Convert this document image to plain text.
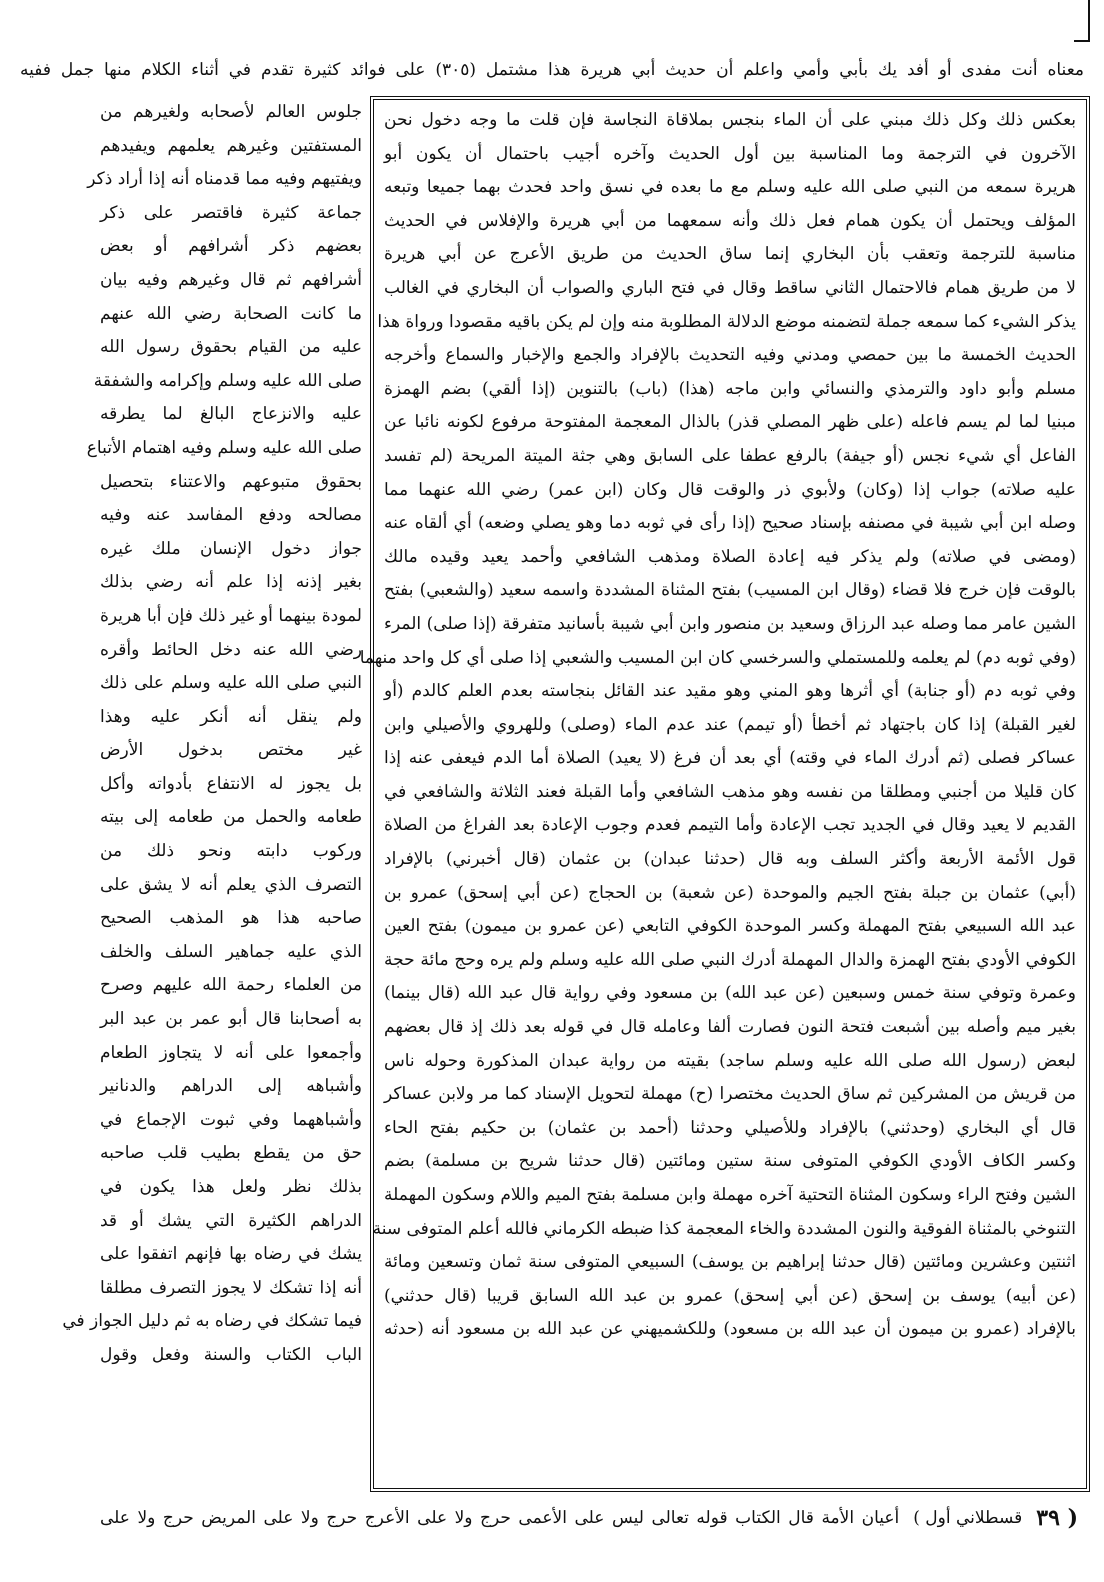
معناه أنت مفدى أو أفد يك بأبي وأمي واعلم أن حديث أبي هريرة هذا مشتمل (٣٠٥) على فوائد كثيرة تقدم في أثناء الكلام منها جمل ففيه
بعكس ذلك وكل ذلك مبني على أن الماء بنجس بملاقاة النجاسة فإن قلت ما وجه دخول نحن
الآخرون في الترجمة وما المناسبة بين أول الحديث وآخره أجيب باحتمال أن يكون أبو
هريرة سمعه من النبي صلى الله عليه وسلم مع ما بعده في نسق واحد فحدث بهما جميعا وتبعه
المؤلف ويحتمل أن يكون همام فعل ذلك وأنه سمعهما من أبي هريرة والإفلاس في الحديث
مناسبة للترجمة وتعقب بأن البخاري إنما ساق الحديث من طريق الأعرج عن أبي هريرة
لا من طريق همام فالاحتمال الثاني ساقط وقال في فتح الباري والصواب أن البخاري في الغالب
يذكر الشيء كما سمعه جملة لتضمنه موضع الدلالة المطلوبة منه وإن لم يكن باقيه مقصودا ورواة هذا
الحديث الخمسة ما بين حمصي ومدني وفيه التحديث بالإفراد والجمع والإخبار والسماع وأخرجه
مسلم وأبو داود والترمذي والنسائي وابن ماجه (هذا) (باب) بالتنوين (إذا ألقي) بضم الهمزة
مبنيا لما لم يسم فاعله (على ظهر المصلي قذر) بالذال المعجمة المفتوحة مرفوع لكونه نائبا عن
الفاعل أي شيء نجس (أو جيفة) بالرفع عطفا على السابق وهي جثة الميتة المريحة (لم تفسد
عليه صلاته) جواب إذا (وكان) ولأبوي ذر والوقت قال وكان (ابن عمر) رضي الله عنهما مما
وصله ابن أبي شيبة في مصنفه بإسناد صحيح (إذا رأى في ثوبه دما وهو يصلي وضعه) أي ألقاه عنه
(ومضى في صلاته) ولم يذكر فيه إعادة الصلاة ومذهب الشافعي وأحمد يعيد وقيده مالك
بالوقت فإن خرج فلا قضاء (وقال ابن المسيب) بفتح المثناة المشددة واسمه سعيد (والشعبي) بفتح
الشين عامر مما وصله عبد الرزاق وسعيد بن منصور وابن أبي شيبة بأسانيد متفرقة (إذا صلى) المرء
(وفي ثوبه دم) لم يعلمه وللمستملي والسرخسي كان ابن المسيب والشعبي إذا صلى أي كل واحد منهما
وفي ثوبه دم (أو جنابة) أي أثرها وهو المني وهو مقيد عند القائل بنجاسته بعدم العلم كالدم (أو
لغير القبلة) إذا كان باجتهاد ثم أخطأ (أو تيمم) عند عدم الماء (وصلى) وللهروي والأصيلي وابن
عساكر فصلى (ثم أدرك الماء في وقته) أي بعد أن فرغ (لا يعيد) الصلاة أما الدم فيعفى عنه إذا
كان قليلا من أجنبي ومطلقا من نفسه وهو مذهب الشافعي وأما القبلة فعند الثلاثة والشافعي في
القديم لا يعيد وقال في الجديد تجب الإعادة وأما التيمم فعدم وجوب الإعادة بعد الفراغ من الصلاة
قول الأئمة الأربعة وأكثر السلف وبه قال (حدثنا عبدان) بن عثمان (قال أخبرني) بالإفراد
(أبي) عثمان بن جبلة بفتح الجيم والموحدة (عن شعبة) بن الحجاج (عن أبي إسحق) عمرو بن
عبد الله السبيعي بفتح المهملة وكسر الموحدة الكوفي التابعي (عن عمرو بن ميمون) بفتح العين
الكوفي الأودي بفتح الهمزة والدال المهملة أدرك النبي صلى الله عليه وسلم ولم يره وحج مائة حجة
وعمرة وتوفي سنة خمس وسبعين (عن عبد الله) بن مسعود وفي رواية قال عبد الله (قال بينما)
بغير ميم وأصله بين أشبعت فتحة النون فصارت ألفا وعامله قال في قوله بعد ذلك إذ قال بعضهم
لبعض (رسول الله صلى الله عليه وسلم ساجد) بقيته من رواية عبدان المذكورة وحوله ناس
من قريش من المشركين ثم ساق الحديث مختصرا (ح) مهملة لتحويل الإسناد كما مر ولابن عساكر
قال أي البخاري (وحدثني) بالإفراد وللأصيلي وحدثنا (أحمد بن عثمان) بن حكيم بفتح الحاء
وكسر الكاف الأودي الكوفي المتوفى سنة ستين ومائتين (قال حدثنا شريح بن مسلمة) بضم
الشين وفتح الراء وسكون المثناة التحتية آخره مهملة وابن مسلمة بفتح الميم واللام وسكون المهملة
التنوخي بالمثناة الفوقية والنون المشددة والخاء المعجمة كذا ضبطه الكرماني فالله أعلم المتوفى سنة
اثنتين وعشرين ومائتين (قال حدثنا إبراهيم بن يوسف) السبيعي المتوفى سنة ثمان وتسعين ومائة
(عن أبيه) يوسف بن إسحق (عن أبي إسحق) عمرو بن عبد الله السابق قريبا (قال حدثني)
بالإفراد (عمرو بن ميمون أن عبد الله بن مسعود) وللكشميهني عن عبد الله بن مسعود أنه (حدثه
جلوس العالم لأصحابه ولغيرهم من
المستفتين وغيرهم يعلمهم ويفيدهم
ويفتيهم وفيه مما قدمناه أنه إذا أراد ذكر
جماعة كثيرة فاقتصر على ذكر
بعضهم ذكر أشرافهم أو بعض
أشرافهم ثم قال وغيرهم وفيه بيان
ما كانت الصحابة رضي الله عنهم
عليه من القيام بحقوق رسول الله
صلى الله عليه وسلم وإكرامه والشفقة
عليه والانزعاج البالغ لما يطرقه
صلى الله عليه وسلم وفيه اهتمام الأتباع
بحقوق متبوعهم والاعتناء بتحصيل
مصالحه ودفع المفاسد عنه وفيه
جواز دخول الإنسان ملك غيره
بغير إذنه إذا علم أنه رضي بذلك
لمودة بينهما أو غير ذلك فإن أبا هريرة
رضي الله عنه دخل الحائط وأقره
النبي صلى الله عليه وسلم على ذلك
ولم ينقل أنه أنكر عليه وهذا
غير مختص بدخول الأرض
بل يجوز له الانتفاع بأدواته وأكل
طعامه والحمل من طعامه إلى بيته
وركوب دابته ونحو ذلك من
التصرف الذي يعلم أنه لا يشق على
صاحبه هذا هو المذهب الصحيح
الذي عليه جماهير السلف والخلف
من العلماء رحمة الله عليهم وصرح
به أصحابنا قال أبو عمر بن عبد البر
وأجمعوا على أنه لا يتجاوز الطعام
وأشباهه إلى الدراهم والدنانير
وأشباههما وفي ثبوت الإجماع في
حق من يقطع بطيب قلب صاحبه
بذلك نظر ولعل هذا يكون في
الدراهم الكثيرة التي يشك أو قد
يشك في رضاه بها فإنهم اتفقوا على
أنه إذا تشكك لا يجوز التصرف مطلقا
فيما تشكك في رضاه به ثم دليل الجواز في
الباب الكتاب والسنة وفعل وقول
( ٣٩
قسطلاني أول )
أعيان الأمة قال الكتاب قوله تعالى ليس على الأعمى حرج ولا على الأعرج حرج ولا على المريض حرج ولا على
